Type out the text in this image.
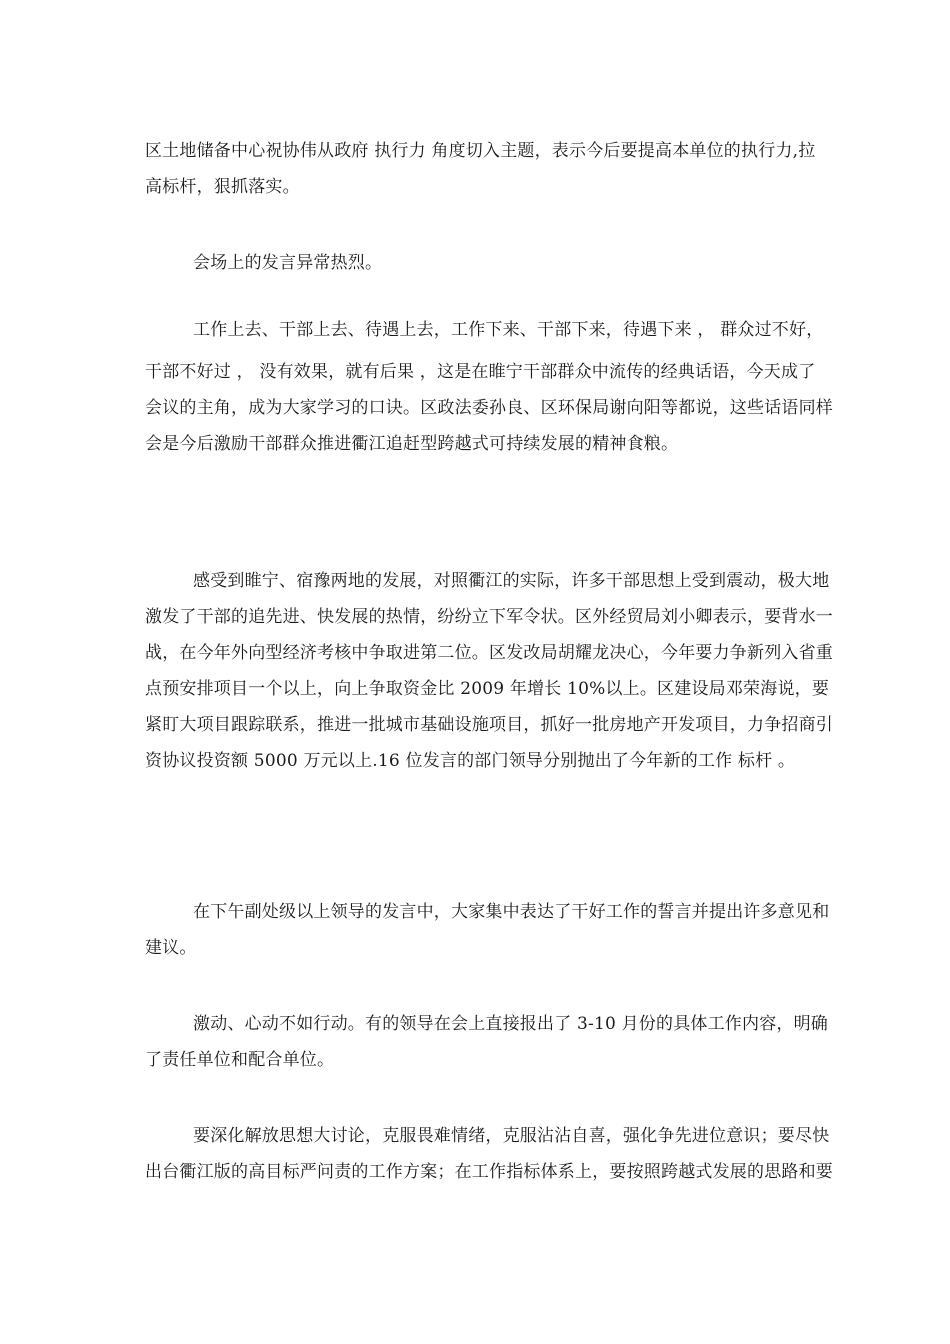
区土地储备中心祝协伟从政府 执行力 角度切入主题，表示今后要提高本单位的执行力,拉
高标杆，狠抓落实。

会场上的发言异常热烈。

工作上去、干部上去、待遇上去，工作下来、干部下来，待遇下来 ， 群众过不好，
干部不好过 ， 没有效果，就有后果 ，这是在睢宁干部群众中流传的经典话语，今天成了
会议的主角，成为大家学习的口诀。区政法委孙良、区环保局谢向阳等都说，这些话语同样
会是今后激励干部群众推进衢江追赶型跨越式可持续发展的精神食粮。

感受到睢宁、宿豫两地的发展，对照衢江的实际，许多干部思想上受到震动，极大地
激发了干部的追先进、快发展的热情，纷纷立下军令状。区外经贸局刘小卿表示，要背水一
战，在今年外向型经济考核中争取进第二位。区发改局胡耀龙决心，今年要力争新列入省重
点预安排项目一个以上，向上争取资金比 2009 年增长 10%以上。区建设局邓荣海说，要
紧盯大项目跟踪联系，推进一批城市基础设施项目，抓好一批房地产开发项目，力争招商引
资协议投资额 5000 万元以上.16 位发言的部门领导分别抛出了今年新的工作 标杆 。

在下午副处级以上领导的发言中，大家集中表达了干好工作的誓言并提出许多意见和
建议。

激动、心动不如行动。有的领导在会上直接报出了 3-10 月份的具体工作内容，明确
了责任单位和配合单位。

要深化解放思想大讨论，克服畏难情绪，克服沾沾自喜，强化争先进位意识；要尽快
出台衢江版的高目标严问责的工作方案；在工作指标体系上，要按照跨越式发展的思路和要
